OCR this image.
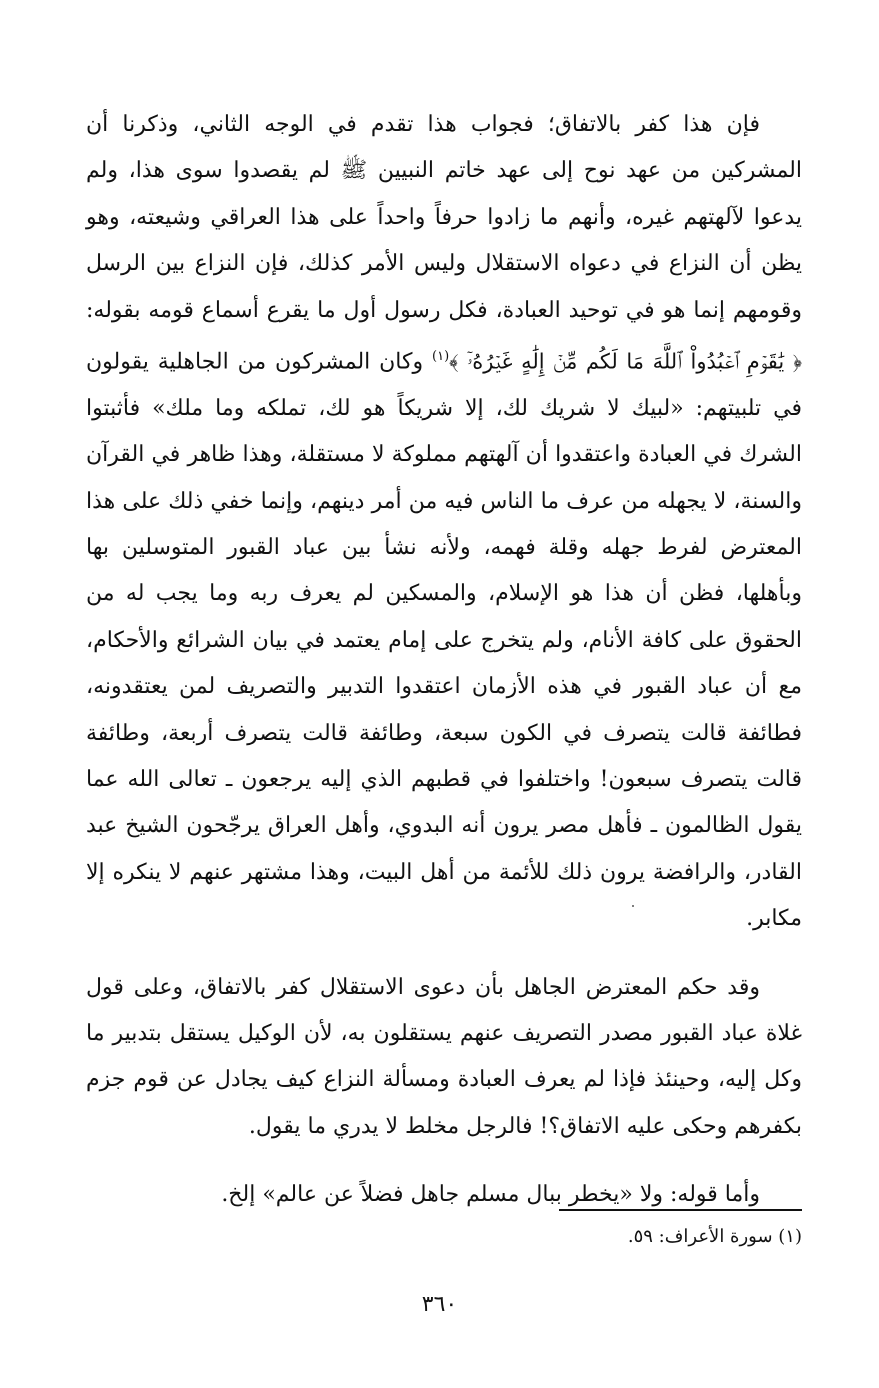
فإن هذا كفر بالاتفاق؛ فجواب هذا تقدم في الوجه الثاني، وذكرنا أن المشركين من عهد نوح إلى عهد خاتم النبيين ﷺ لم يقصدوا سوى هذا، ولم يدعوا لآلهتهم غيره، وأنهم ما زادوا حرفاً واحداً على هذا العراقي وشيعته، وهو يظن أن النزاع في دعواه الاستقلال وليس الأمر كذلك، فإن النزاع بين الرسل وقومهم إنما هو في توحيد العبادة، فكل رسول أول ما يقرع أسماع قومه بقوله: ﴿ يَٰقَوۡمِ ٱعۡبُدُواْ ٱللَّهَ مَا لَكُم مِّنۡ إِلَٰهٍ غَيۡرُهُۥٓ ﴾$^{(١)}$ وكان المشركون من الجاهلية يقولون في تلبيتهم: «لبيك لا شريك لك، إلا شريكاً هو لك، تملكه وما ملك» فأثبتوا الشرك في العبادة واعتقدوا أن آلهتهم مملوكة لا مستقلة، وهذا ظاهر في القرآن والسنة، لا يجهله من عرف ما الناس فيه من أمر دينهم، وإنما خفي ذلك على هذا المعترض لفرط جهله وقلة فهمه، ولأنه نشأ بين عباد القبور المتوسلين بها وبأهلها، فظن أن هذا هو الإسلام، والمسكين لم يعرف ربه وما يجب له من الحقوق على كافة الأنام، ولم يتخرج على إمام يعتمد في بيان الشرائع والأحكام، مع أن عباد القبور في هذه الأزمان اعتقدوا التدبير والتصريف لمن يعتقدونه، فطائفة قالت يتصرف في الكون سبعة، وطائفة قالت يتصرف أربعة، وطائفة قالت يتصرف سبعون! واختلفوا في قطبهم الذي إليه يرجعون ـ تعالى الله عما يقول الظالمون ـ فأهل مصر يرون أنه البدوي، وأهل العراق يرجّحون الشيخ عبد القادر، والرافضة يرون ذلك للأئمة من أهل البيت، وهذا مشتهر عنهم لا ينكره إلا مكابر.

وقد حكم المعترض الجاهل بأن دعوى الاستقلال كفر بالاتفاق، وعلى قول غلاة عباد القبور مصدر التصريف عنهم يستقلون به، لأن الوكيل يستقل بتدبير ما وكل إليه، وحينئذ فإذا لم يعرف العبادة ومسألة النزاع كيف يجادل عن قوم جزم بكفرهم وحكى عليه الاتفاق؟! فالرجل مخلط لا يدري ما يقول.

وأما قوله: ولا «يخطر ببال مسلم جاهل فضلاً عن عالم» إلخ.

(١) سورة الأعراف: ٥٩.
٣٦٠
